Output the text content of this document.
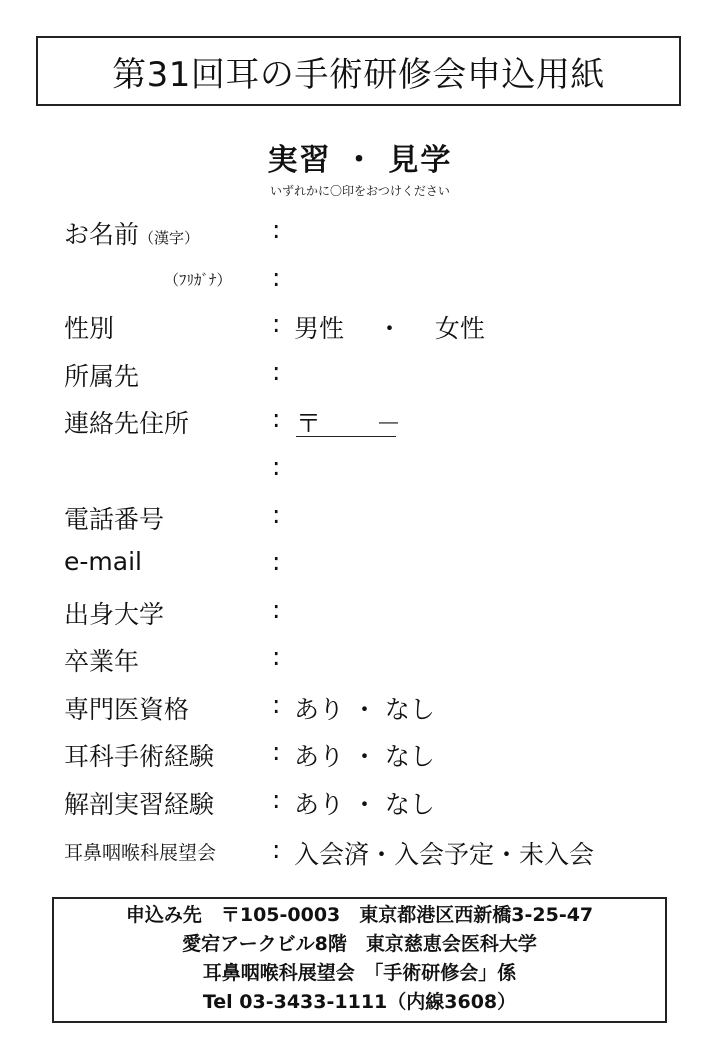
第31回耳の手術研修会申込用紙
実習 ・ 見学
いずれかに〇印をおつけください
お名前（漢字）	:
（ﾌﾘｶﾞﾅ） :
性別	: 男性　 ・　 女性
所属先	:
連絡先住所	: 〒 －
:
電話番号	:
e-mail	:
出身大学	:
卒業年	:
専門医資格	: あり ・ なし
耳科手術経験 : あり ・ なし
解剖実習経験 : あり ・ なし
耳鼻咽喉科展望会 : 入会済・入会予定・未入会
申込み先　〒105-0003　東京都港区西新橋3-25-47
愛宕アークビル8階　東京慈恵会医科大学
耳鼻咽喉科展望会　「手術研修会」係
Tel 03-3433-1111（内線3608）
